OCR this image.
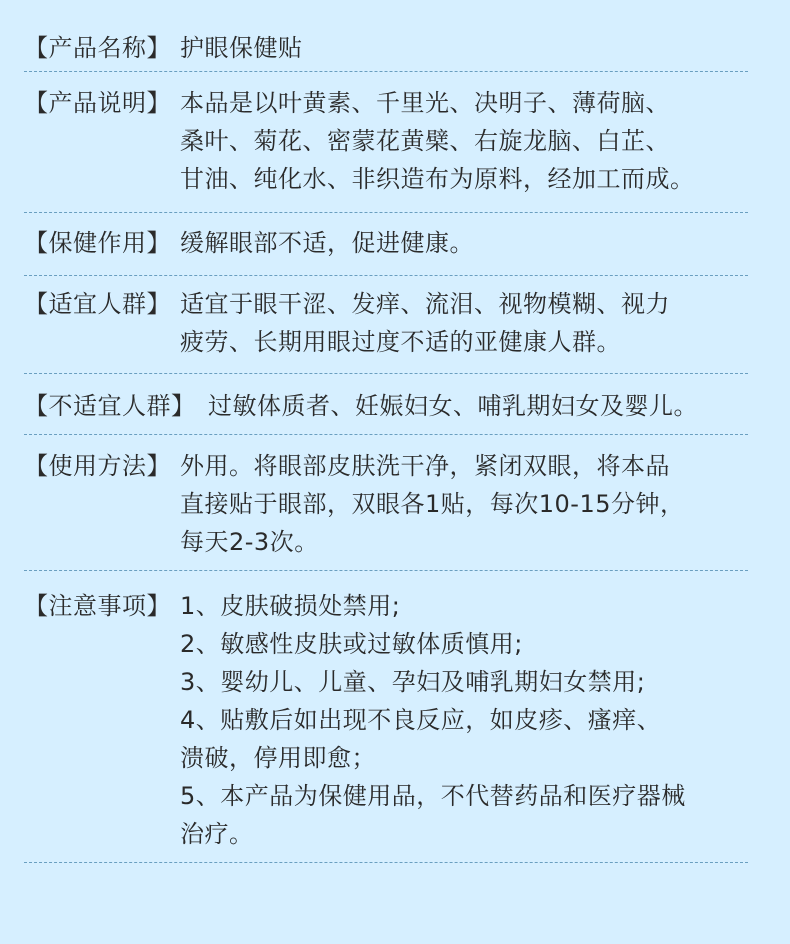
【产品名称】 护眼保健贴
【产品说明】 本品是以叶黄素、千里光、决明子、薄荷脑、
桑叶、菊花、密蒙花黄檗、右旋龙脑、白芷、
甘油、纯化水、非织造布为原料，经加工而成。
【保健作用】 缓解眼部不适，促进健康。
【适宜人群】 适宜于眼干涩、发痒、流泪、视物模糊、视力
疲劳、长期用眼过度不适的亚健康人群。
【不适宜人群】 过敏体质者、妊娠妇女、哺乳期妇女及婴儿。
【使用方法】 外用。将眼部皮肤洗干净，紧闭双眼，将本品
直接贴于眼部，双眼各1贴，每次10-15分钟，
每天2-3次。
【注意事项】 1、皮肤破损处禁用;
2、敏感性皮肤或过敏体质慎用;
3、婴幼儿、儿童、孕妇及哺乳期妇女禁用;
4、贴敷后如出现不良反应，如皮疹、瘙痒、
溃破，停用即愈；
5、本产品为保健用品，不代替药品和医疗器械
治疗。
